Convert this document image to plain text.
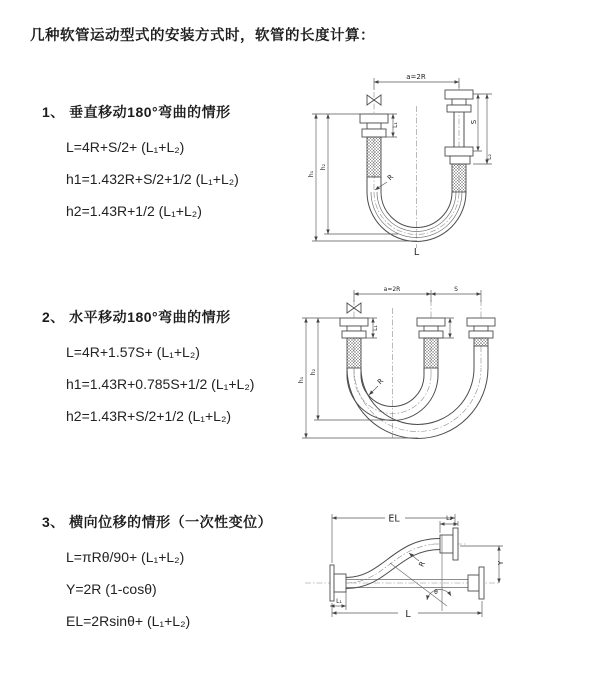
几种软管运动型式的安装方式时，软管的长度计算：
1、 垂直移动180°弯曲的情形
L=4R+S/2+ (L₁+L₂)
h1=1.432R+S/2+1/2 (L₁+L₂)
h2=1.43R+1/2 (L₁+L₂)
2、 水平移动180°弯曲的情形
L=4R+1.57S+ (L₁+L₂)
h1=1.43R+0.785S+1/2 (L₁+L₂)
h2=1.43R+S/2+1/2 (L₁+L₂)
3、 横向位移的情形（一次性变位）
L=πRθ/90+ (L₁+L₂)
Y=2R (1-cosθ)
EL=2Rsinθ+ (L₁+L₂)
a=2R
S
L₂
L₁
h₁
h₂
R
L
a=2R	S
L₁
h₁
h₂
R
θ
R
EL	L₂
Y
L
L₁
